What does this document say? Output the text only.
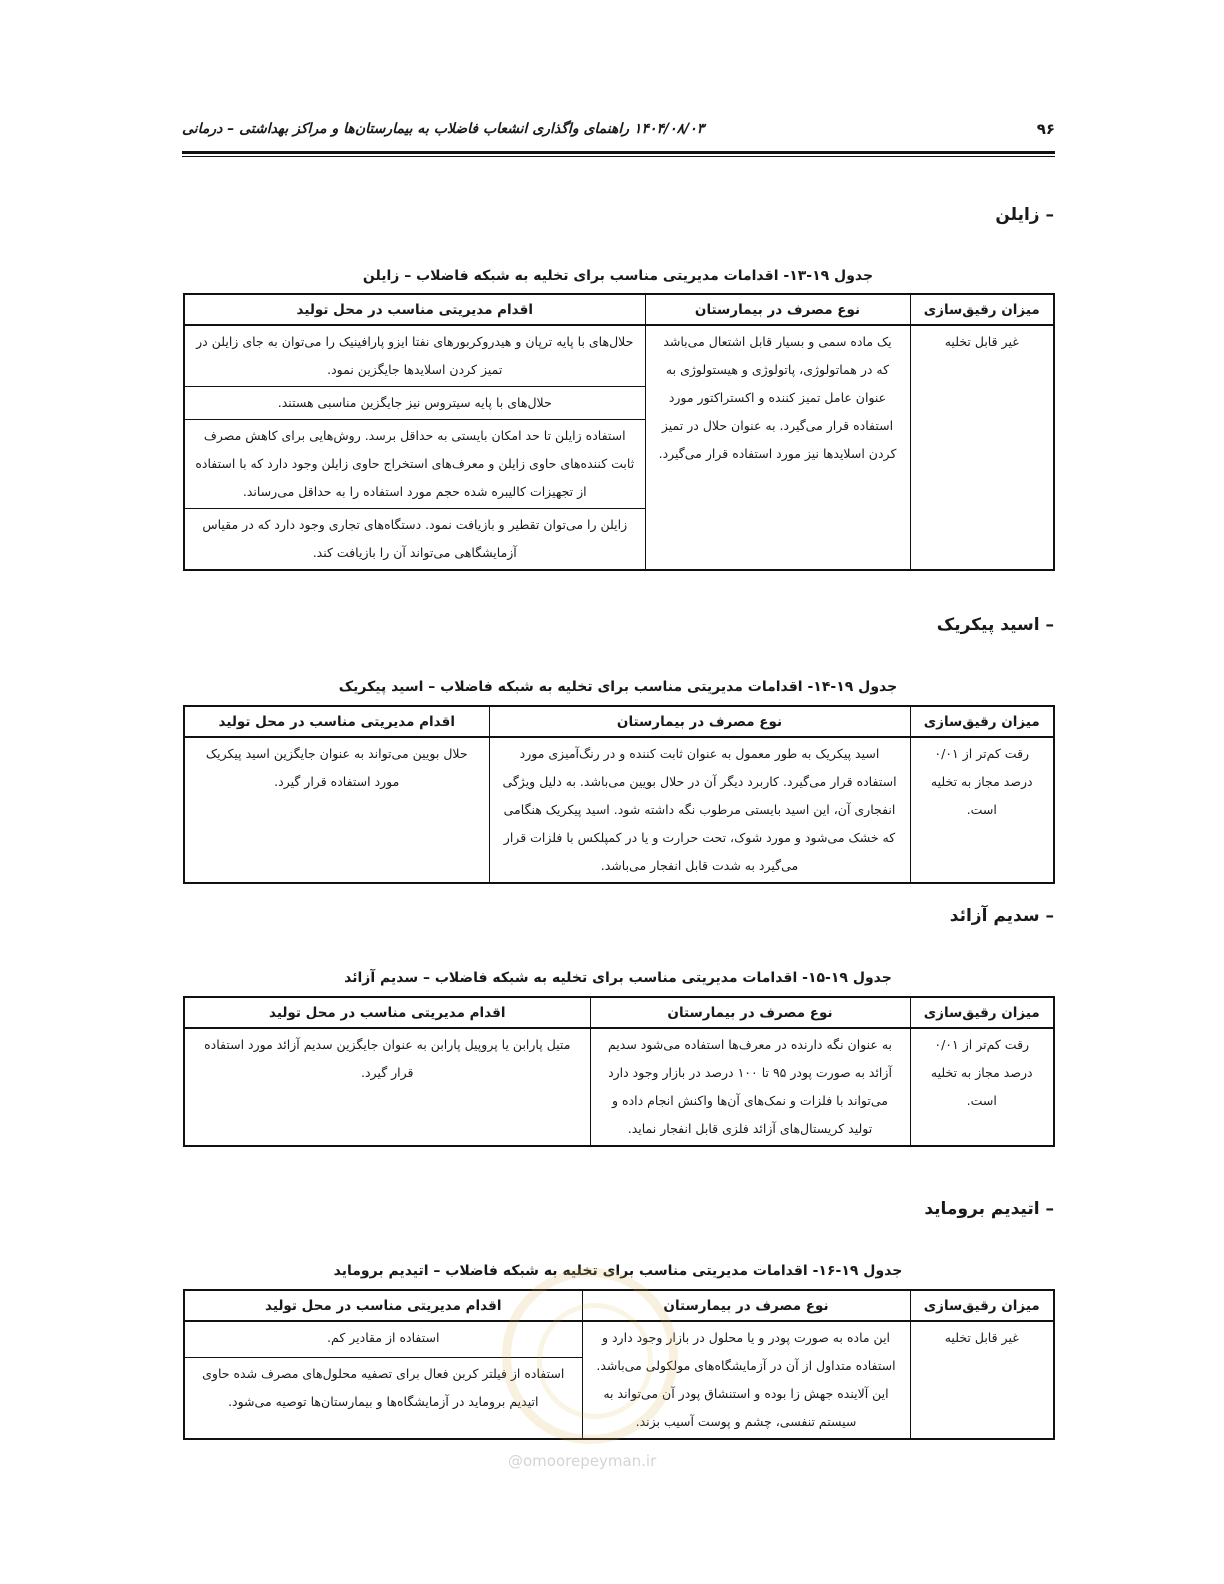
۹۶
۱۴۰۴/۰۸/۰۳ راهنمای واگذاری انشعاب فاضلاب به بیمارستان‌ها و مراکز بهداشتی – درمانی
– زایلن
جدول ۱۹-۱۳- اقدامات مدیریتی مناسب برای تخلیه به شبکه فاضلاب – زایلن
میزان رقیق‌سازی	نوع مصرف در بیمارستان	اقدام مدیریتی مناسب در محل تولید
غیر قابل تخلیه	یک ماده سمی و بسیار قابل اشتعال می‌باشد که در هماتولوژی، پاتولوژی و هیستولوژی به عنوان عامل تمیز کننده و اکستراکتور مورد استفاده قرار می‌گیرد. به عنوان حلال در تمیز کردن اسلایدها نیز مورد استفاده قرار می‌گیرد.	حلال‌های با پایه ترپان و هیدروکربورهای نفتا ایزو پارافینیک را می‌توان به جای زایلن در تمیز کردن اسلایدها جایگزین نمود.
		حلال‌های با پایه سیتروس نیز جایگزین مناسبی هستند.
		استفاده زایلن تا حد امکان بایستی به حداقل برسد. روش‌هایی برای کاهش مصرف ثابت کننده‌های حاوی زایلن و معرف‌های استخراج حاوی زایلن وجود دارد که با استفاده از تجهیزات کالیبره شده حجم مورد استفاده را به حداقل می‌رساند.
		زایلن را می‌توان تقطیر و بازیافت نمود. دستگاه‌های تجاری وجود دارد که در مقیاس آزمایشگاهی می‌تواند آن را بازیافت کند.
– اسید پیکریک
جدول ۱۹-۱۴- اقدامات مدیریتی مناسب برای تخلیه به شبکه فاضلاب – اسید پیکریک
میزان رقیق‌سازی	نوع مصرف در بیمارستان	اقدام مدیریتی مناسب در محل تولید
رقت کم‌تر از ۰/۰۱ درصد مجاز به تخلیه است.	اسید پیکریک به طور معمول به عنوان ثابت کننده و در رنگ‌آمیزی مورد استفاده قرار می‌گیرد. کاربرد دیگر آن در حلال بویین می‌باشد. به دلیل ویژگی انفجاری آن، این اسید بایستی مرطوب نگه داشته شود. اسید پیکریک هنگامی که خشک می‌شود و مورد شوک، تحت حرارت و یا در کمپلکس با فلزات قرار می‌گیرد به شدت قابل انفجار می‌باشد.	حلال بویین می‌تواند به عنوان جایگزین اسید پیکریک مورد استفاده قرار گیرد.
– سدیم آزائد
جدول ۱۹-۱۵- اقدامات مدیریتی مناسب برای تخلیه به شبکه فاضلاب – سدیم آزائد
میزان رقیق‌سازی	نوع مصرف در بیمارستان	اقدام مدیریتی مناسب در محل تولید
رقت کم‌تر از ۰/۰۱ درصد مجاز به تخلیه است.	به عنوان نگه دارنده در معرف‌ها استفاده می‌شود سدیم آزائد به صورت پودر ۹۵ تا ۱۰۰ درصد در بازار وجود دارد می‌تواند با فلزات و نمک‌های آن‌ها واکنش انجام داده و تولید کریستال‌های آزائد فلزی قابل انفجار نماید.	متیل پارابن یا پروپیل پارابن به عنوان جایگزین سدیم آزائد مورد استفاده قرار گیرد.
– اتیدیم بروماید
جدول ۱۹-۱۶- اقدامات مدیریتی مناسب برای تخلیه به شبکه فاضلاب – اتیدیم بروماید
میزان رقیق‌سازی	نوع مصرف در بیمارستان	اقدام مدیریتی مناسب در محل تولید
غیر قابل تخلیه	این ماده به صورت پودر و یا محلول در بازار وجود دارد و استفاده متداول از آن در آزمایشگاه‌های مولکولی می‌باشد. این آلاینده جهش زا بوده و استنشاق پودر آن می‌تواند به سیستم تنفسی، چشم و پوست آسیب بزند.	استفاده از مقادیر کم.
		استفاده از فیلتر کربن فعال برای تصفیه محلول‌های مصرف شده حاوی اتیدیم بروماید در آزمایشگاه‌ها و بیمارستان‌ها توصیه می‌شود.
@omoorepeyman.ir
